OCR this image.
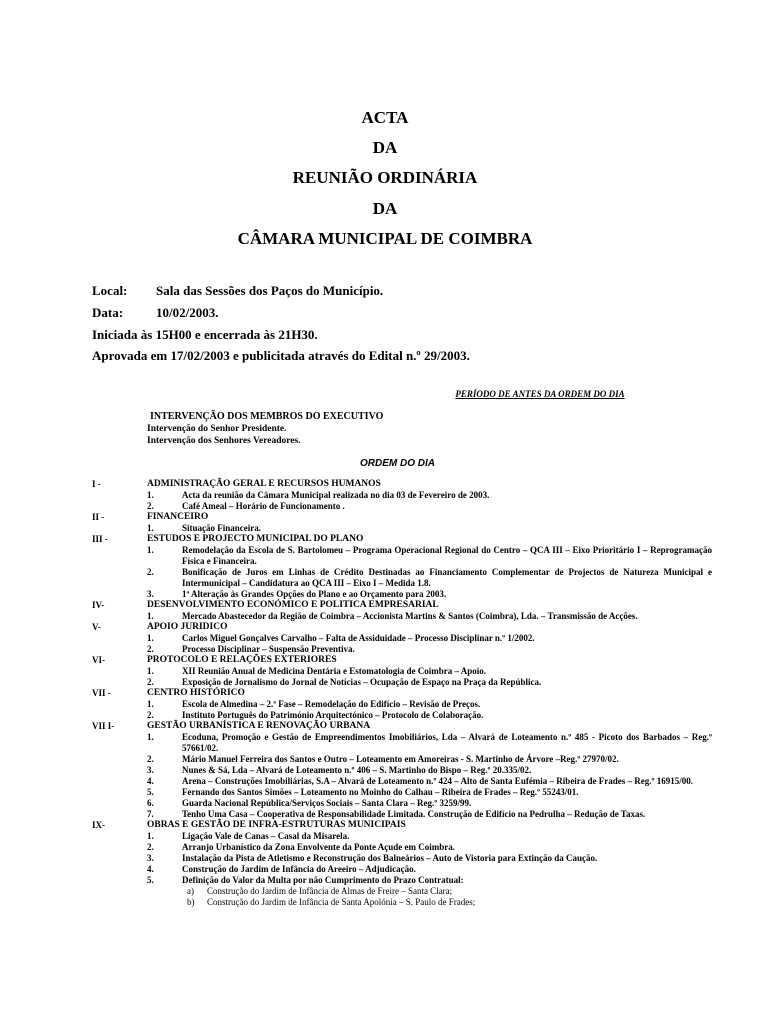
ACTA
DA
REUNIÃO ORDINÁRIA
DA
CÂMARA MUNICIPAL DE COIMBRA
Local: Sala das Sessões dos Paços do Município.
Data:	10/02/2003.
Iniciada às 15H00 e encerrada às 21H30.
Aprovada em 17/02/2003 e publicitada através do Edital n.º 29/2003.
PERÍODO DE ANTES DA ORDEM DO DIA
INTERVENÇÃO DOS MEMBROS DO EXECUTIVO
Intervenção do Senhor Presidente.
Intervenção dos Senhores Vereadores.
ORDEM DO DIA
I -	ADMINISTRAÇÃO GERAL E RECURSOS HUMANOS
1.	Acta da reunião da Câmara Municipal realizada no dia 03 de Fevereiro de 2003.
2.	Café Ameal – Horário de Funcionamento .
II -	FINANCEIRO
1.	Situação Financeira.
III -	ESTUDOS E PROJECTO MUNICIPAL DO PLANO
1.	Remodelação da Escola de S. Bartolomeu – Programa Operacional Regional do Centro – QCA III – Eixo Prioritário I – Reprogramação Física e Financeira.
2.	Bonificação de Juros em Linhas de Crédito Destinadas ao Financiamento Complementar de Projectos de Natureza Municipal e Intermunicipal – Candidatura ao QCA III – Eixo I – Medida 1.8.
3.	1ª Alteração às Grandes Opções do Plano e ao Orçamento para 2003.
IV-	DESENVOLVIMENTO ECONÓMICO E POLITICA EMPRESARIAL
1.	Mercado Abastecedor da Região de Coimbra – Accionista Martins & Santos (Coimbra), Lda. – Transmissão de Acções.
V-	APOIO JURIDICO
1.	Carlos Miguel Gonçalves Carvalho – Falta de Assiduidade – Processo Disciplinar n.º 1/2002.
2.	Processo Disciplinar – Suspensão Preventiva.
VI-	PROTOCOLO E RELAÇÕES EXTERIORES
1.	XII Reunião Anual de Medicina Dentária e Estomatologia de Coimbra – Apoio.
2.	Exposição de Jornalismo do Jornal de Notícias – Ocupação de Espaço na Praça da República.
VII -	CENTRO HISTÓRICO
1.	Escola de Almedina – 2.ª Fase – Remodelação do Edifício – Revisão de Preços.
2.	Instituto Português do Património Arquitectónico – Protocolo de Colaboração.
VII I-	GESTÃO URBANÍSTICA E RENOVAÇÃO URBANA
1.	Ecoduna, Promoção e Gestão de Empreendimentos Imobiliários, Lda – Alvará de Loteamento n.º 485 - Picoto dos Barbados – Reg.º 57661/02.
2.	Mário Manuel Ferreira dos Santos e Outro – Loteamento em Amoreiras - S. Martinho de Árvore –Reg.º 27970/02.
3.	Nunes & Sá, Lda – Alvará de Loteamento n.º 406 – S. Martinho do Bispo – Reg.º 20.335/02.
4.	Arena – Construções Imobiliárias, S.A – Alvará de Loteamento n.º 424 – Alto de Santa Eufémia – Ribeira de Frades – Reg.º 16915/00.
5.	Fernando dos Santos Simões – Loteamento no Moinho do Calhau – Ribeira de Frades – Reg.º 55243/01.
6.	Guarda Nacional República/Serviços Sociais – Santa Clara – Reg.º 3259/99.
7.	Tenho Uma Casa – Cooperativa de Responsabilidade Limitada. Construção de Edifício na Pedrulha – Redução de Taxas.
IX-	OBRAS E GESTÃO DE INFRA-ESTRUTURAS MUNICIPAIS
1.	Ligação Vale de Canas – Casal da Misarela.
2.	Arranjo Urbanístico da Zona Envolvente da Ponte Açude em Coimbra.
3.	Instalação da Pista de Atletismo e Reconstrução dos Balneários – Auto de Vistoria para Extinção da Caução.
4.	Construção do Jardim de Infância do Areeiro – Adjudicação.
5.	Definição do Valor da Multa por não Cumprimento do Prazo Contratual:
a)	Construção do Jardim de Infância de Almas de Freire – Santa Clara;
b)	Construção do Jardim de Infância de Santa Apolónia – S. Paulo de Frades;
